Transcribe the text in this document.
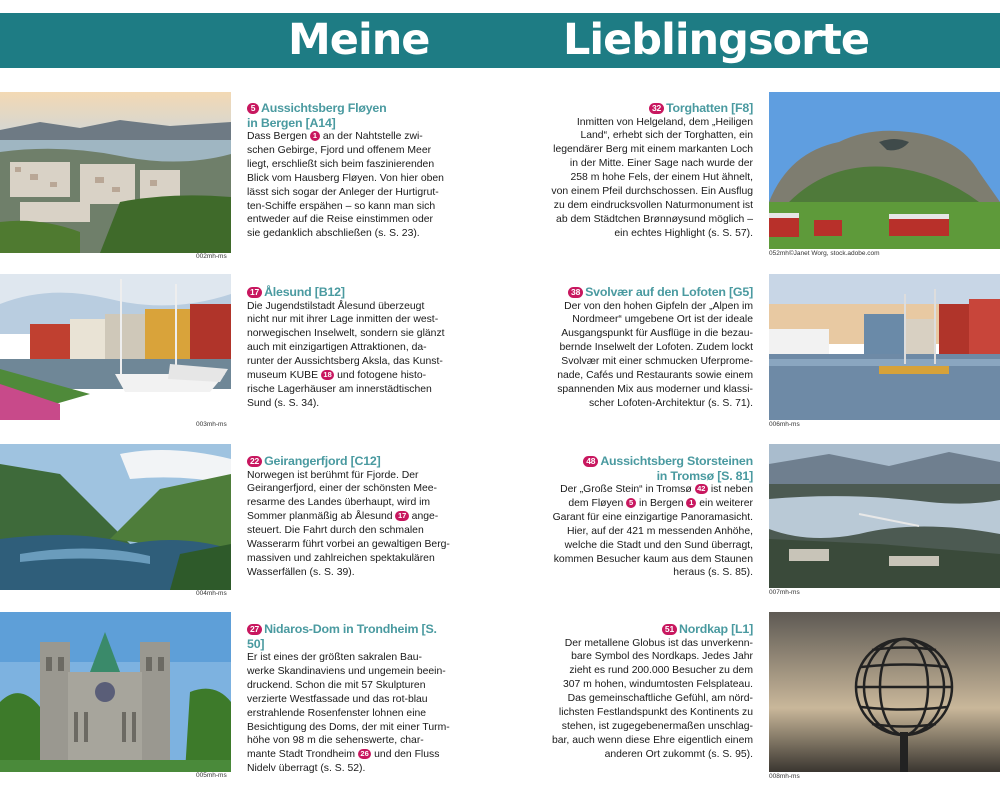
Meine	Lieblingsorte
002mh-ms
5 Aussichtsberg Fløyen
in Bergen [A14]
Dass Bergen 1 an der Nahtstelle zwi-
schen Gebirge, Fjord und offenem Meer
liegt, erschließt sich beim faszinierenden
Blick vom Hausberg Fløyen. Von hier oben
lässt sich sogar der Anleger der Hurtigrut-
ten-Schiffe erspähen – so kann man sich
entweder auf die Reise einstimmen oder
sie gedanklich abschließen (s. S. 23).
003mh-ms
17 Ålesund [B12]
Die Jugendstilstadt Ålesund überzeugt
nicht nur mit ihrer Lage inmitten der west-
norwegischen Inselwelt, sondern sie glänzt
auch mit einzigartigen Attraktionen, da-
runter der Aussichtsberg Aksla, das Kunst-
museum KUBE 18 und fotogene histo-
rische Lagerhäuser am innerstädtischen
Sund (s. S. 34).
004mh-ms
22 Geirangerfjord [C12]
Norwegen ist berühmt für Fjorde. Der
Geirangerfjord, einer der schönsten Mee-
resarme des Landes überhaupt, wird im
Sommer planmäßig ab Ålesund 17 ange-
steuert. Die Fahrt durch den schmalen
Wasserarm führt vorbei an gewaltigen Berg-
massiven und zahlreichen spektakulären
Wasserfällen (s. S. 39).
005mh-ms
27 Nidaros-Dom in Trondheim [S. 50]
Er ist eines der größten sakralen Bau-
werke Skandinaviens und ungemein beein-
druckend. Schon die mit 57 Skulpturen
verzierte Westfassade und das rot-blau
erstrahlende Rosenfenster lohnen eine
Besichtigung des Doms, der mit einer Turm-
höhe von 98 m die sehenswerte, char-
mante Stadt Trondheim 26 und den Fluss
Nidelv überragt (s. S. 52).
052mh©Janet Worg, stock.adobe.com
32 Torghatten [F8]
Inmitten von Helgeland, dem „Heiligen
Land“, erhebt sich der Torghatten, ein
legendärer Berg mit einem markanten Loch
in der Mitte. Einer Sage nach wurde der
258 m hohe Fels, der einem Hut ähnelt,
von einem Pfeil durchschossen. Ein Ausflug
zu dem eindrucksvollen Naturmonument ist
ab dem Städtchen Brønnøysund möglich –
ein echtes Highlight (s. S. 57).
006mh-ms
38 Svolvær auf den Lofoten [G5]
Der von den hohen Gipfeln der „Alpen im
Nordmeer“ umgebene Ort ist der ideale
Ausgangspunkt für Ausflüge in die bezau-
bernde Inselwelt der Lofoten. Zudem lockt
Svolvær mit einer schmucken Uferprome-
nade, Cafés und Restaurants sowie einem
spannenden Mix aus moderner und klassi-
scher Lofoten-Architektur (s. S. 71).
007mh-ms
48 Aussichtsberg Storsteinen
in Tromsø [S. 81]
Der „Große Stein“ in Tromsø 42 ist neben
dem Fløyen 5 in Bergen 1 ein weiterer
Garant für eine einzigartige Panoramasicht.
Hier, auf der 421 m messenden Anhöhe,
welche die Stadt und den Sund überragt,
kommen Besucher kaum aus dem Staunen
heraus (s. S. 85).
008mh-ms
51 Nordkap [L1]
Der metallene Globus ist das unverkenn-
bare Symbol des Nordkaps. Jedes Jahr
zieht es rund 200.000 Besucher zu dem
307 m hohen, windumtosten Felsplateau.
Das gemeinschaftliche Gefühl, am nörd-
lichsten Festlandspunkt des Kontinents zu
stehen, ist zugegebenermaßen unschlag-
bar, auch wenn diese Ehre eigentlich einem
anderen Ort zukommt (s. S. 95).
